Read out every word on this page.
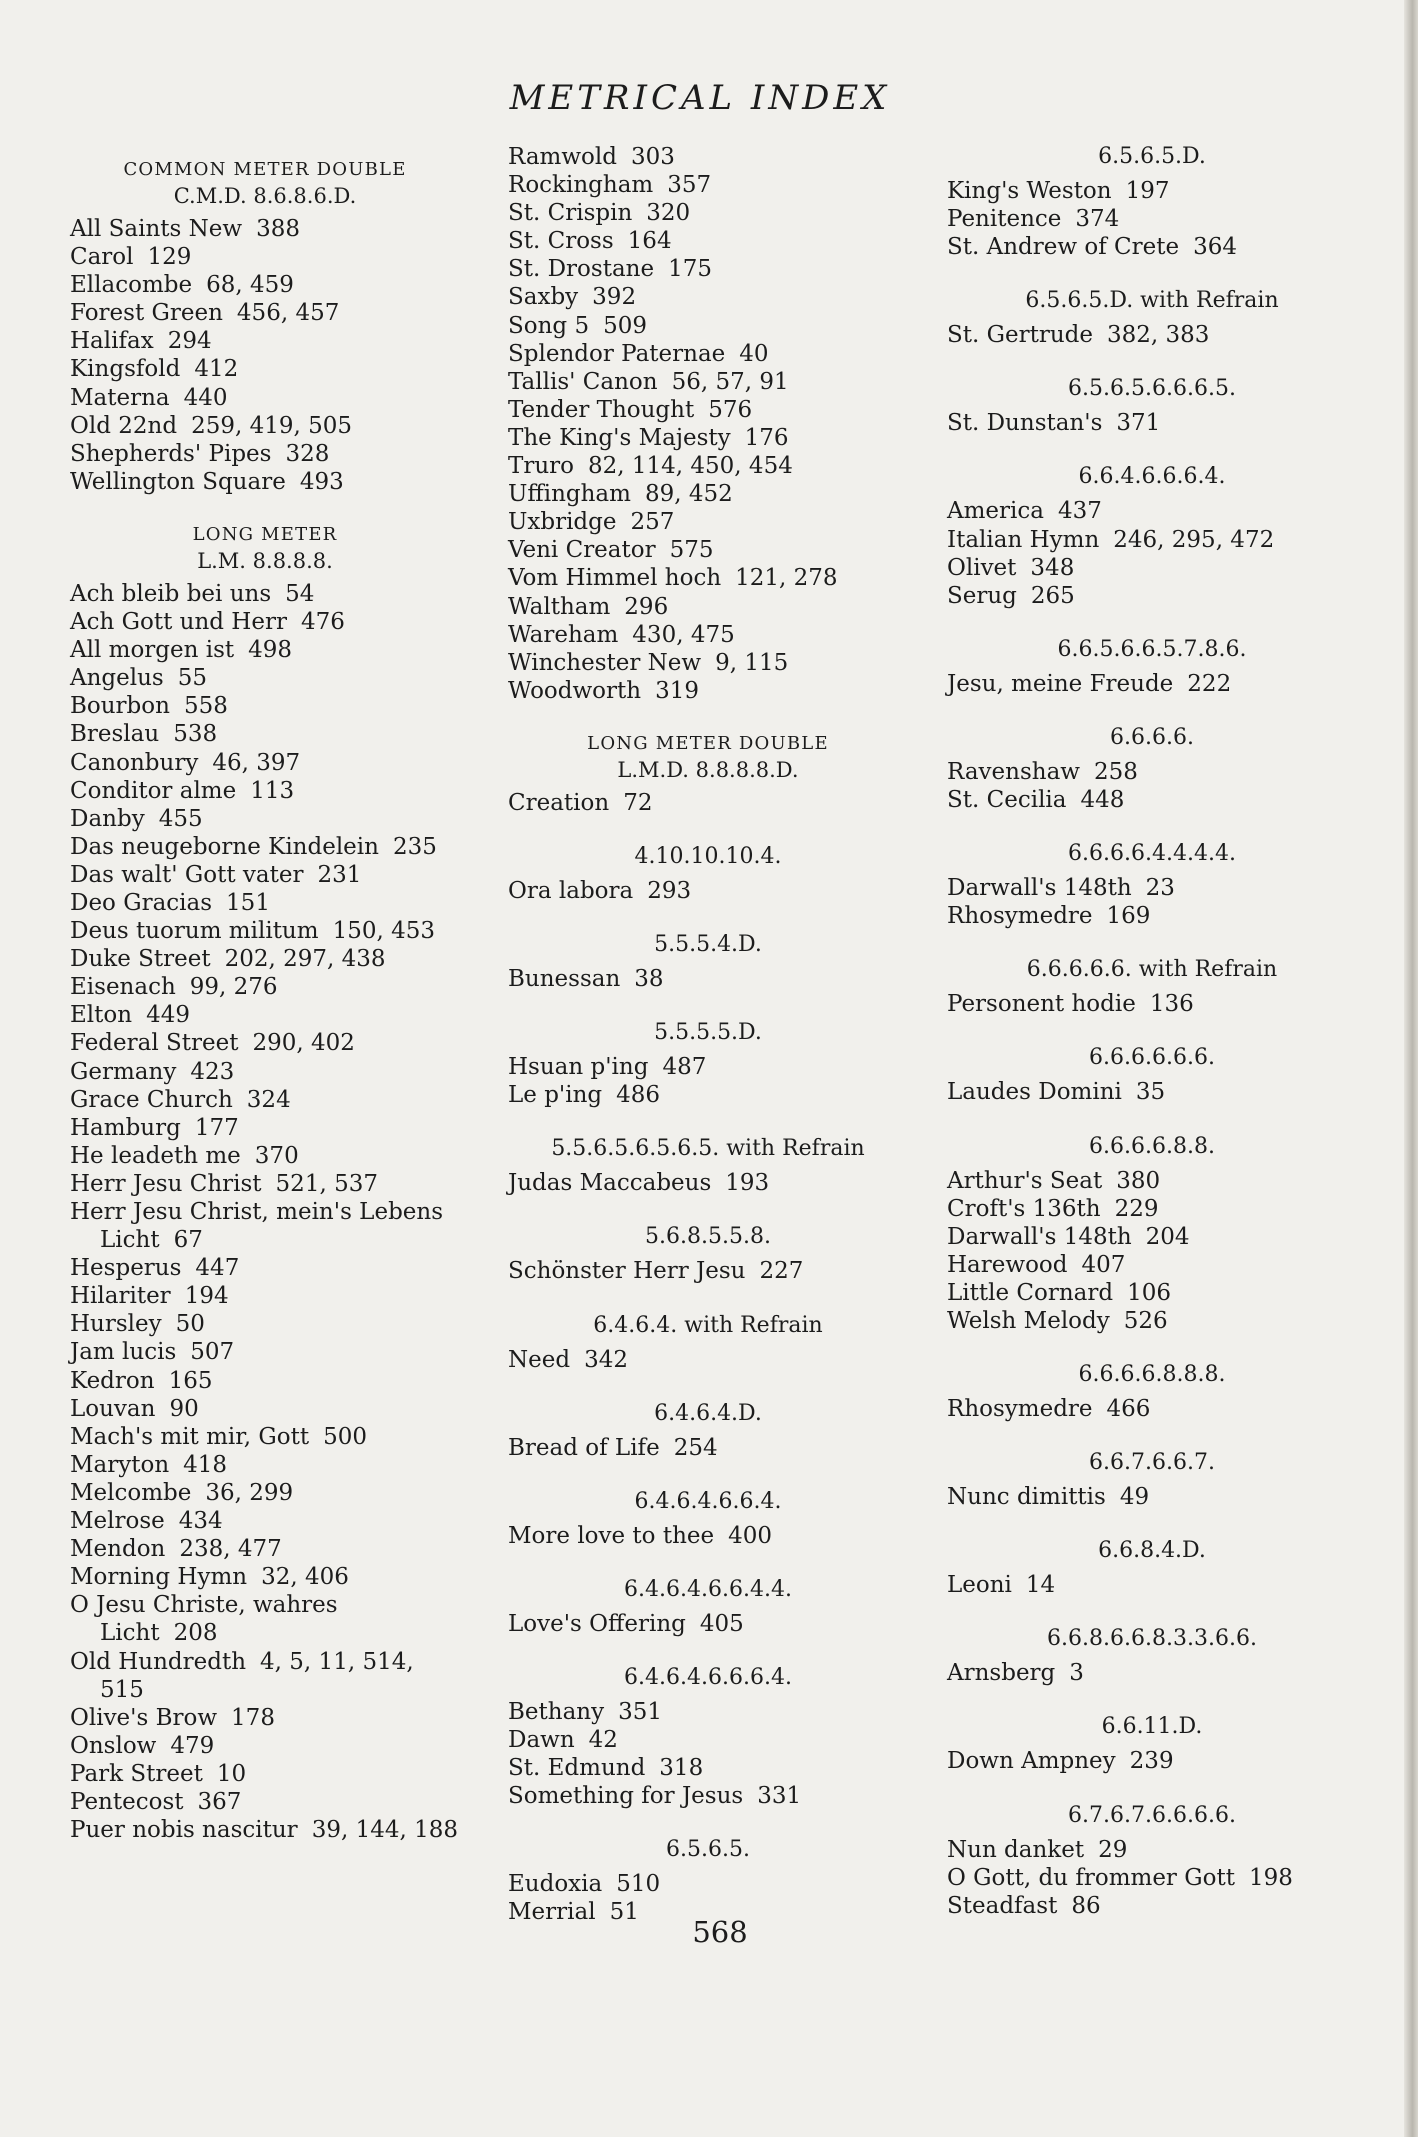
METRICAL INDEX
COMMON METER DOUBLE
C.M.D. 8.6.8.6.D.
All Saints New 388
Carol 129
Ellacombe 68, 459
Forest Green 456, 457
Halifax 294
Kingsfold 412
Materna 440
Old 22nd 259, 419, 505
Shepherds' Pipes 328
Wellington Square 493
LONG METER
L.M. 8.8.8.8.
Ach bleib bei uns 54
Ach Gott und Herr 476
All morgen ist 498
Angelus 55
Bourbon 558
Breslau 538
Canonbury 46, 397
Conditor alme 113
Danby 455
Das neugeborne Kindelein 235
Das walt' Gott vater 231
Deo Gracias 151
Deus tuorum militum 150, 453
Duke Street 202, 297, 438
Eisenach 99, 276
Elton 449
Federal Street 290, 402
Germany 423
Grace Church 324
Hamburg 177
He leadeth me 370
Herr Jesu Christ 521, 537
Herr Jesu Christ, mein's Lebens Licht 67
Hesperus 447
Hilariter 194
Hursley 50
Jam lucis 507
Kedron 165
Louvan 90
Mach's mit mir, Gott 500
Maryton 418
Melcombe 36, 299
Melrose 434
Mendon 238, 477
Morning Hymn 32, 406
O Jesu Christe, wahres Licht 208
Old Hundredth 4, 5, 11, 514, 515
Olive's Brow 178
Onslow 479
Park Street 10
Pentecost 367
Puer nobis nascitur 39, 144, 188
Ramwold 303
Rockingham 357
St. Crispin 320
St. Cross 164
St. Drostane 175
Saxby 392
Song 5 509
Splendor Paternae 40
Tallis' Canon 56, 57, 91
Tender Thought 576
The King's Majesty 176
Truro 82, 114, 450, 454
Uffingham 89, 452
Uxbridge 257
Veni Creator 575
Vom Himmel hoch 121, 278
Waltham 296
Wareham 430, 475
Winchester New 9, 115
Woodworth 319
LONG METER DOUBLE
L.M.D. 8.8.8.8.D.
Creation 72
4.10.10.10.4.
Ora labora 293
5.5.5.4.D.
Bunessan 38
5.5.5.5.D.
Hsuan p'ing 487
Le p'ing 486
5.5.6.5.6.5.6.5. with Refrain
Judas Maccabeus 193
5.6.8.5.5.8.
Schönster Herr Jesu 227
6.4.6.4. with Refrain
Need 342
6.4.6.4.D.
Bread of Life 254
6.4.6.4.6.6.4.
More love to thee 400
6.4.6.4.6.6.4.4.
Love's Offering 405
6.4.6.4.6.6.6.4.
Bethany 351
Dawn 42
St. Edmund 318
Something for Jesus 331
6.5.6.5.
Eudoxia 510
Merrial 51
6.5.6.5.D.
King's Weston 197
Penitence 374
St. Andrew of Crete 364
6.5.6.5.D. with Refrain
St. Gertrude 382, 383
6.5.6.5.6.6.6.5.
St. Dunstan's 371
6.6.4.6.6.6.4.
America 437
Italian Hymn 246, 295, 472
Olivet 348
Serug 265
6.6.5.6.6.5.7.8.6.
Jesu, meine Freude 222
6.6.6.6.
Ravenshaw 258
St. Cecilia 448
6.6.6.6.4.4.4.4.
Darwall's 148th 23
Rhosymedre 169
6.6.6.6.6. with Refrain
Personent hodie 136
6.6.6.6.6.6.
Laudes Domini 35
6.6.6.6.8.8.
Arthur's Seat 380
Croft's 136th 229
Darwall's 148th 204
Harewood 407
Little Cornard 106
Welsh Melody 526
6.6.6.6.8.8.8.
Rhosymedre 466
6.6.7.6.6.7.
Nunc dimittis 49
6.6.8.4.D.
Leoni 14
6.6.8.6.6.8.3.3.6.6.
Arnsberg 3
6.6.11.D.
Down Ampney 239
6.7.6.7.6.6.6.6.
Nun danket 29
O Gott, du frommer Gott 198
Steadfast 86
568
